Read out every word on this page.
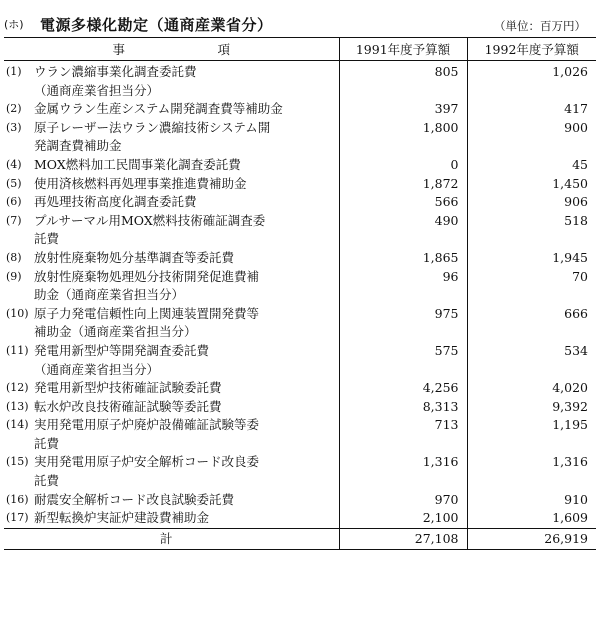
(ホ) 電源多様化勘定（通商産業省分）	（単位：百万円）
事　項	1991年度予算額	1992年度予算額

(1) ウラン濃縮事業化調査委託費
（通商産業省担当分）	805	1,026

(2) 金属ウラン生産システム開発調査費等補助金	397	417

(3) 原子レーザー法ウラン濃縮技術システム開
発調査費補助金	1,800	900

(4) MOX燃料加工民間事業化調査委託費	0	45

(5) 使用済核燃料再処理事業推進費補助金	1,872	1,450

(6) 再処理技術高度化調査委託費	566	906

(7) プルサーマル用MOX燃料技術確証調査委
託費	490	518

(8) 放射性廃棄物処分基準調査等委託費	1,865	1,945

(9) 放射性廃棄物処理処分技術開発促進費補
助金（通商産業省担当分）	96	70

(10) 原子力発電信頼性向上関連装置開発費等
補助金（通商産業省担当分）	975	666

(11) 発電用新型炉等開発調査委託費
（通商産業省担当分）	575	534

(12) 発電用新型炉技術確証試験委託費	4,256	4,020

(13) 転水炉改良技術確証試験等委託費	8,313	9,392

(14) 実用発電用原子炉廃炉設備確証試験等委
託費	713	1,195

(15) 実用発電用原子炉安全解析コード改良委
託費	1,316	1,316

(16) 耐震安全解析コード改良試験委託費	970	910

(17) 新型転換炉実証炉建設費補助金	2,100	1,609
計	27,108	26,919
